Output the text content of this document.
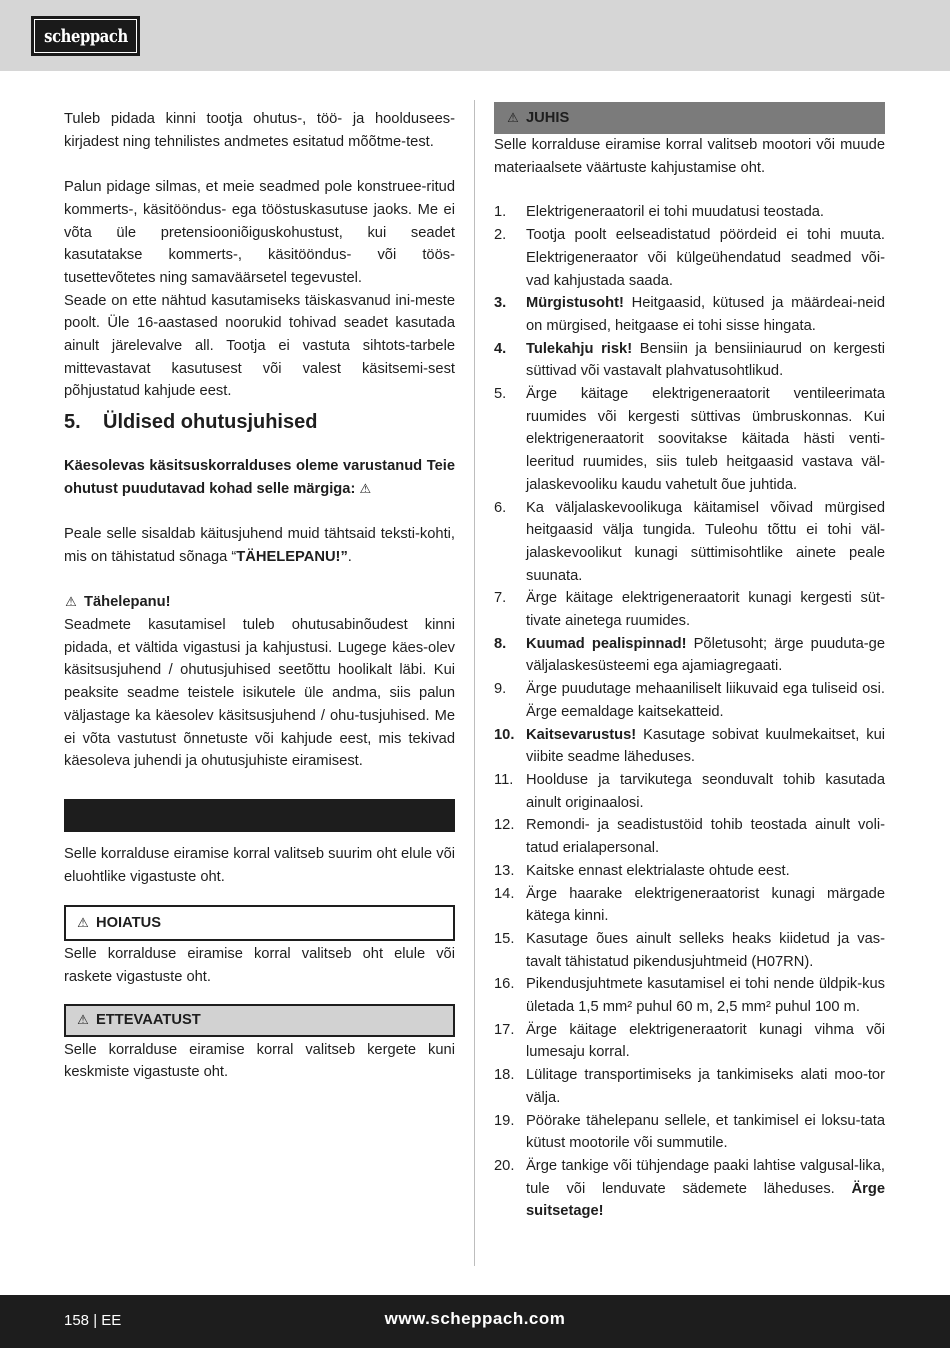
scheppach

Tuleb pidada kinni tootja ohutus-, töö- ja hooldusees-kirjadest ning tehnilistes andmetes esitatud mõõtme-test.

Palun pidage silmas, et meie seadmed pole konstruee-ritud kommerts-, käsitööndus- ega tööstuskasutuse jaoks. Me ei võta üle pretensiooniõiguskohustust, kui seadet kasutatakse kommerts-, käsitööndus- või töös-tusettevõtetes ning samaväärsetel tegevustel.

Seade on ette nähtud kasutamiseks täiskasvanud ini-meste poolt. Üle 16-aastased noorukid tohivad seadet kasutada ainult järelevalve all. Tootja ei vastuta sihtots-tarbele mittevastavat kasutusest või valest käsitsemi-sest põhjustatud kahjude eest.

5.	Üldised ohutusjuhised

Käesolevas käsitsuskorralduses oleme varustanud Teie ohutust puudutavad kohad selle märgiga: ⚠

Peale selle sisaldab käitusjuhend muid tähtsaid teksti-kohti, mis on tähistatud sõnaga “TÄHELEPANU!”.

⚠ Tähelepanu!

Seadmete kasutamisel tuleb ohutusabinõudest kinni pidada, et vältida vigastusi ja kahjustusi. Lugege käes-olev käsitsusjuhend / ohutusjuhised seetõttu hoolikalt läbi. Kui peaksite seadme teistele isikutele üle andma, siis palun väljastage ka käesolev käsitsusjuhend / ohu-tusjuhised. Me ei võta vastutust õnnetuste või kahjude eest, mis tekivad käesoleva juhendi ja ohutusjuhiste eiramisest.

Selle korralduse eiramise korral valitseb suurim oht elule või eluohtlike vigastuste oht.

⚠ HOIATUS

Selle korralduse eiramise korral valitseb oht elule või raskete vigastuste oht.

⚠ ETTEVAATUST

Selle korralduse eiramise korral valitseb kergete kuni keskmiste vigastuste oht.

⚠ JUHIS

Selle korralduse eiramise korral valitseb mootori või muude materiaalsete väärtuste kahjustamise oht.

1.	Elektrigeneraatoril ei tohi muudatusi teostada.
2.	Tootja poolt eelseadistatud pöördeid ei tohi muuta. Elektrigeneraator või külgeühendatud seadmed või-vad kahjustada saada.
3.	Mürgistusoht! Heitgaasid, kütused ja määrdeai-neid on mürgised, heitgaase ei tohi sisse hingata.
4.	Tulekahju risk! Bensiin ja bensiiniaurud on kergesti süttivad või vastavalt plahvatusohtlikud.
5.	Ärge käitage elektrigeneraatorit ventileerimata ruumides või kergesti süttivas ümbruskonnas. Kui elektrigeneraatorit soovitakse käitada hästi venti-leeritud ruumides, siis tuleb heitgaasid vastava väl-jalaskevooliku kaudu vahetult õue juhtida.
6.	Ka väljalaskevoolikuga käitamisel võivad mürgised heitgaasid välja tungida. Tuleohu tõttu ei tohi väl-jalaskevoolikut kunagi süttimisohtlike ainete peale suunata.
7.	Ärge käitage elektrigeneraatorit kunagi kergesti süt-tivate ainetega ruumides.
8.	Kuumad pealispinnad! Põletusoht; ärge puuduta-ge väljalaskesüsteemi ega ajamiagregaati.
9.	Ärge puudutage mehaaniliselt liikuvaid ega tuliseid osi. Ärge eemaldage kaitsekatteid.
10. Kaitsevarustus! Kasutage sobivat kuulmekaitset, kui viibite seadme läheduses.
11. Hoolduse ja tarvikutega seonduvalt tohib kasutada ainult originaalosi.
12. Remondi- ja seadistustöid tohib teostada ainult voli-tatud erialapersonal.
13. Kaitske ennast elektrialaste ohtude eest.
14. Ärge haarake elektrigeneraatorist kunagi märgade kätega kinni.
15. Kasutage õues ainult selleks heaks kiidetud ja vas-tavalt tähistatud pikendusjuhtmeid (H07RN).
16. Pikendusjuhtmete kasutamisel ei tohi nende üldpik-kus ületada 1,5 mm² puhul 60 m, 2,5 mm² puhul 100 m.
17. Ärge käitage elektrigeneraatorit kunagi vihma või lumesaju korral.
18. Lülitage transportimiseks ja tankimiseks alati moo-tor välja.
19. Pöörake tähelepanu sellele, et tankimisel ei loksu-tata kütust mootorile või summutile.
20. Ärge tankige või tühjendage paaki lahtise valgusal-lika, tule või lenduvate sädemete läheduses. Ärge suitsetage!
158 | EE	www.scheppach.com
